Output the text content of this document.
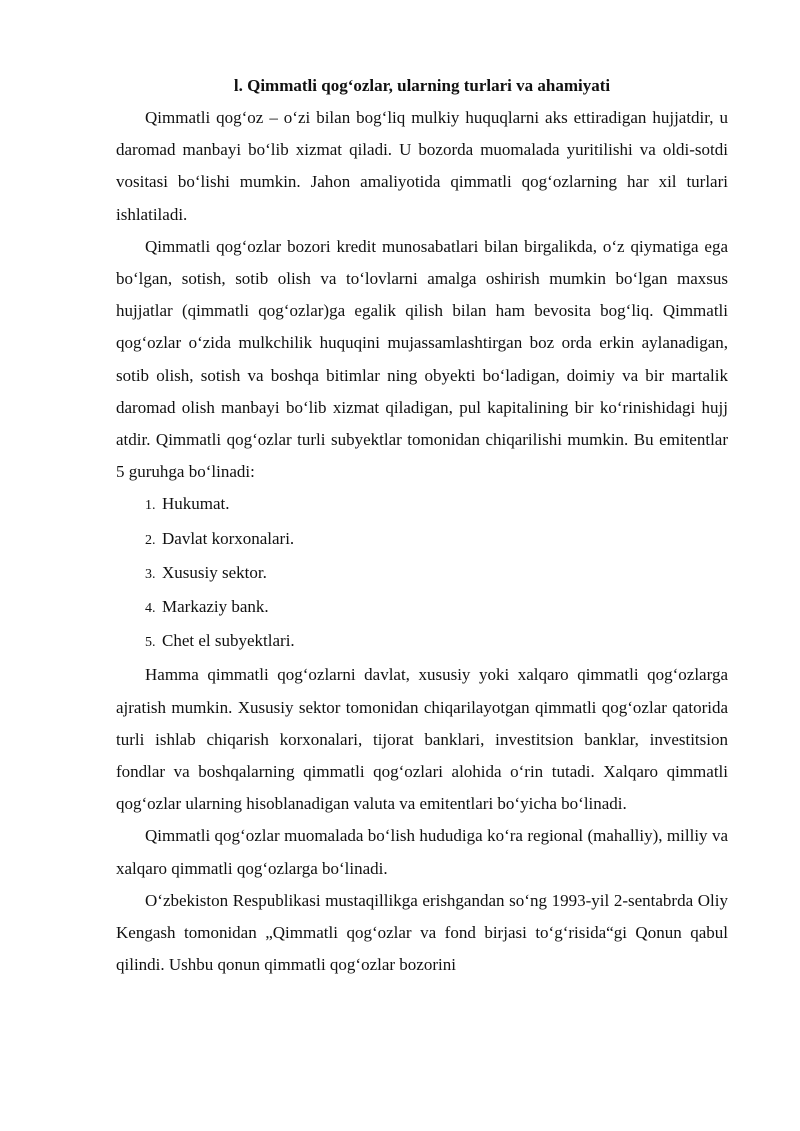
l. Qimmatli qog‘ozlar, ularning turlari va ahamiyati

Qimmatli qog‘oz – o‘zi bilan bog‘liq mulkiy huquqlarni aks ettiradigan hujjatdir, u daromad manbayi bo‘lib xizmat qiladi. U bozorda muomalada yuritilishi va oldi-sotdi vositasi bo‘lishi mumkin. Jahon amaliyotida qimmatli qog‘ozlarning har xil turlari ishlatiladi.

Qimmatli qog‘ozlar bozori kredit munosabatlari bilan birgalikda, o‘z qiymatiga ega bo‘lgan, sotish, sotib olish va to‘lovlarni amalga oshirish mumkin bo‘lgan maxsus hujjatlar (qimmatli qog‘ozlar)ga egalik qilish bilan ham bevosita bog‘liq. Qimmatli qog‘ozlar o‘zida mulkchilik huquqini mujassamlashtirgan boz orda erkin aylanadigan, sotib olish, sotish va boshqa bitimlar ning obyekti bo‘ladigan, doimiy va bir martalik daromad olish manbayi bo‘lib xizmat qiladigan, pul kapitalining bir ko‘rinishidagi hujj atdir. Qimmatli qog‘ozlar turli subyektlar tomonidan chiqarilishi mumkin. Bu emitentlar 5 guruhga bo‘linadi:

1. Hukumat.
2. Davlat korxonalari.
3. Xususiy sektor.
4. Markaziy bank.
5. Chet el subyektlari.

Hamma qimmatli qog‘ozlarni davlat, xususiy yoki xalqaro qimmatli qog‘ozlarga ajratish mumkin. Xususiy sektor tomonidan chiqarilayotgan qimmatli qog‘ozlar qatorida turli ishlab chiqarish korxonalari, tijorat banklari, investitsion banklar, investitsion fondlar va boshqalarning qimmatli qog‘ozlari alohida o‘rin tutadi. Xalqaro qimmatli qog‘ozlar ularning hisoblanadigan valuta va emitentlari bo‘yicha bo‘linadi.

Qimmatli qog‘ozlar muomalada bo‘lish hududiga ko‘ra regional (mahalliy), milliy va xalqaro qimmatli qog‘ozlarga bo‘linadi.

O‘zbekiston Respublikasi mustaqillikga erishgandan so‘ng 1993-yil 2-sentabrda Oliy Kengash tomonidan „Qimmatli qog‘ozlar va fond birjasi to‘g‘risida“gi Qonun qabul qilindi. Ushbu qonun qimmatli qog‘ozlar bozorini
